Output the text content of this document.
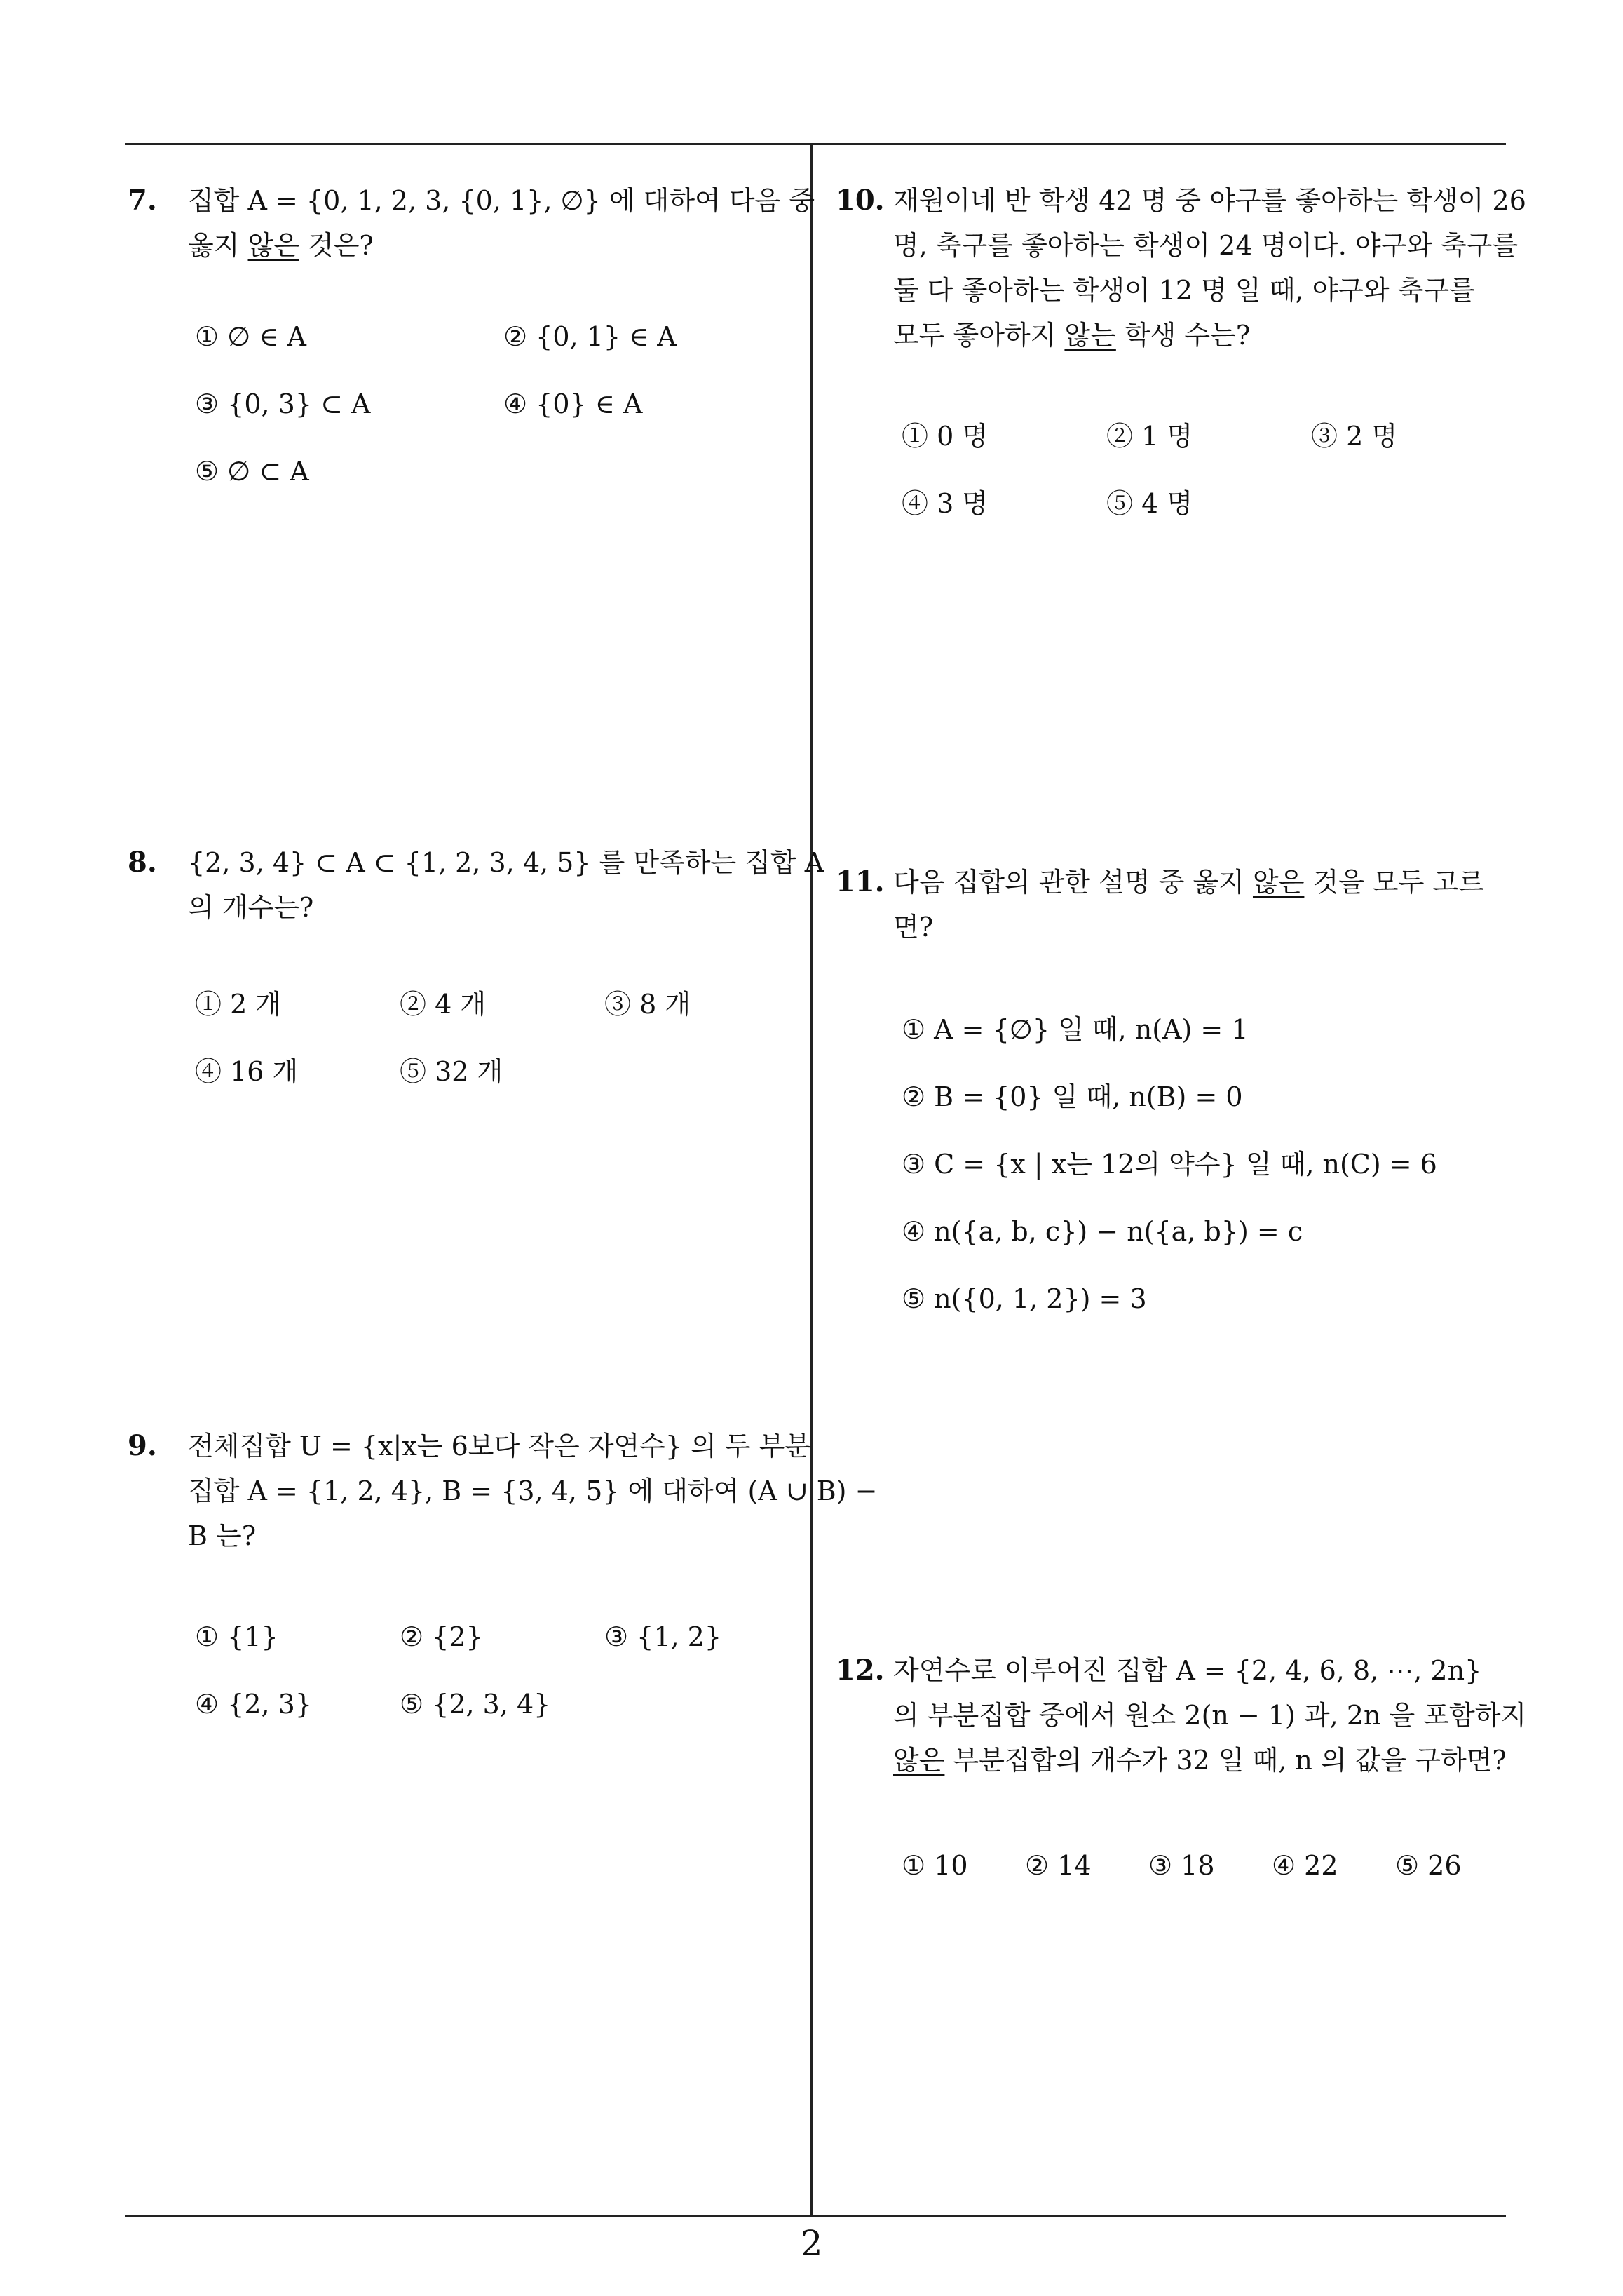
7. 집합 A = {0, 1, 2, 3, {0, 1}, ∅} 에 대하여 다음 중

옳지 않은 것은?

① ∅ ∈ A	② {0, 1} ∈ A
③ {0, 3} ⊂ A	④ {0} ∈ A
⑤ ∅ ⊂ A
8. {2, 3, 4} ⊂ A ⊂ {1, 2, 3, 4, 5} 를 만족하는 집합 A

의 개수는?

① 2 개	② 4 개	③ 8 개
④ 16 개	⑤ 32 개
9. 전체집합 U = {x|x는 6보다 작은 자연수} 의 두 부분

집합 A = {1, 2, 4}, B = {3, 4, 5} 에 대하여 (A ∪ B) −

B 는?

① {1}	② {2}	③ {1, 2}
④ {2, 3}	⑤ {2, 3, 4}
10. 재원이네 반 학생 42 명 중 야구를 좋아하는 학생이 26

명, 축구를 좋아하는 학생이 24 명이다. 야구와 축구를

둘 다 좋아하는 학생이 12 명 일 때, 야구와 축구를

모두 좋아하지 않는 학생 수는?

① 0 명	② 1 명	③ 2 명
④ 3 명	⑤ 4 명
11. 다음 집합의 관한 설명 중 옳지 않은 것을 모두 고르

면?

① A = {∅} 일 때, n(A) = 1
② B = {0} 일 때, n(B) = 0
③ C = {x | x는 12의 약수} 일 때, n(C) = 6
④ n({a, b, c}) − n({a, b}) = c
⑤ n({0, 1, 2}) = 3
12. 자연수로 이루어진 집합 A = {2, 4, 6, 8, ⋯, 2n}

의 부분집합 중에서 원소 2(n − 1) 과, 2n 을 포함하지

않은 부분집합의 개수가 32 일 때, n 의 값을 구하면?

① 10 ② 14 ③ 18 ④ 22 ⑤ 26
2
